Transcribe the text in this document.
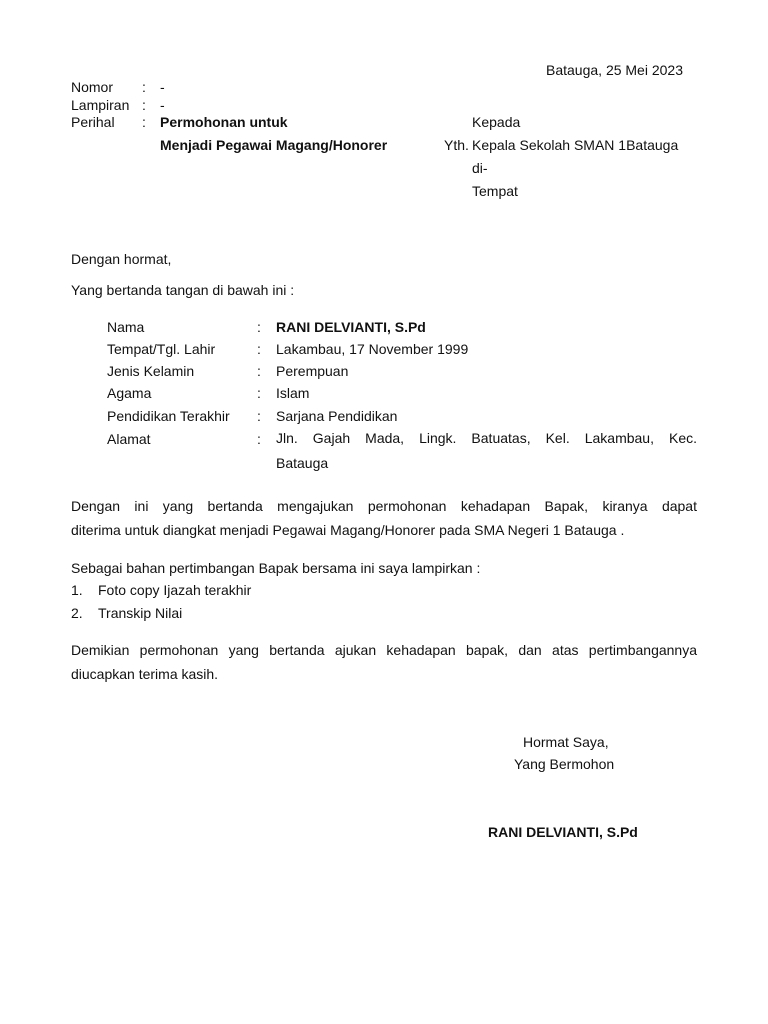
Batauga, 25 Mei 2023
Nomor : -
Lampiran : -
Perihal : Permohonan untuk
Menjadi Pegawai Magang/Honorer
Kepada
Yth. Kepala Sekolah SMAN 1Batauga
di-
Tempat
Dengan hormat,
Yang bertanda tangan di bawah ini :
Nama	: RANI DELVIANTI, S.Pd
Tempat/Tgl. Lahir	: Lakambau, 17 November 1999
Jenis Kelamin	: Perempuan
Agama	: Islam
Pendidikan Terakhir : Sarjana Pendidikan
Alamat	: Jln. Gajah Mada, Lingk. Batuatas, Kel. Lakambau, Kec.
Batauga
Dengan ini yang bertanda mengajukan permohonan kehadapan Bapak, kiranya dapat
diterima untuk diangkat menjadi Pegawai Magang/Honorer pada SMA Negeri 1 Batauga .
Sebagai bahan pertimbangan Bapak bersama ini saya lampirkan :
1. Foto copy Ijazah terakhir
2. Transkip Nilai
Demikian permohonan yang bertanda ajukan kehadapan bapak, dan atas pertimbangannya
diucapkan terima kasih.
Hormat Saya,
Yang Bermohon
RANI DELVIANTI, S.Pd
